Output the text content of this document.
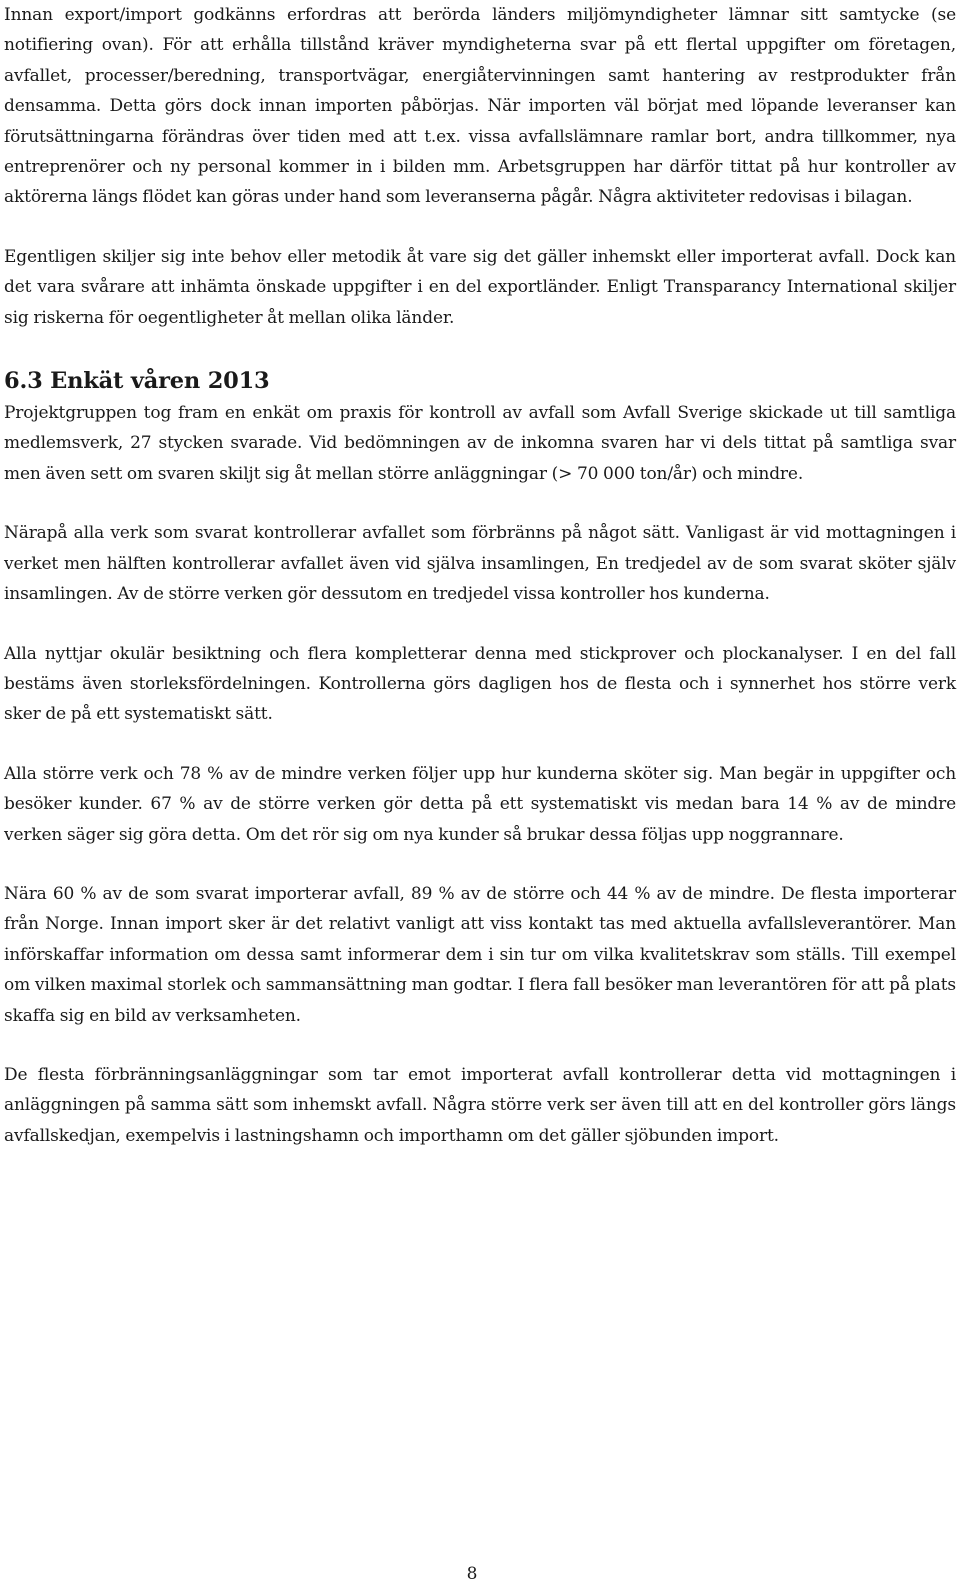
Innan export/import godkänns erfordras att berörda länders miljömyndigheter lämnar sitt samtycke (se notifiering ovan). För att erhålla tillstånd kräver myndigheterna svar på ett flertal uppgifter om företagen, avfallet, processer/beredning, transportvägar, energiåtervinningen samt hantering av restprodukter från densamma. Detta görs dock innan importen påbörjas. När importen väl börjat med löpande leveranser kan förutsättningarna förändras över tiden med att t.ex. vissa avfallslämnare ramlar bort, andra tillkommer, nya entreprenörer och ny personal kommer in i bilden mm. Arbetsgruppen har därför tittat på hur kontroller av aktörerna längs flödet kan göras under hand som leveranserna pågår. Några aktiviteter redovisas i bilagan.

Egentligen skiljer sig inte behov eller metodik åt vare sig det gäller inhemskt eller importerat avfall. Dock kan det vara svårare att inhämta önskade uppgifter i en del exportländer. Enligt Transparancy International skiljer sig riskerna för oegentligheter åt mellan olika länder.

6.3 Enkät våren 2013

Projektgruppen tog fram en enkät om praxis för kontroll av avfall som Avfall Sverige skickade ut till samtliga medlemsverk, 27 stycken svarade. Vid bedömningen av de inkomna svaren har vi dels tittat på samtliga svar men även sett om svaren skiljt sig åt mellan större anläggningar (> 70 000 ton/år) och mindre.

Närapå alla verk som svarat kontrollerar avfallet som förbränns på något sätt. Vanligast är vid mottagningen i verket men hälften kontrollerar avfallet även vid själva insamlingen, En tredjedel av de som svarat sköter själv insamlingen. Av de större verken gör dessutom en tredjedel vissa kontroller hos kunderna.

Alla nyttjar okulär besiktning och flera kompletterar denna med stickprover och plockanalyser. I en del fall bestäms även storleksfördelningen. Kontrollerna görs dagligen hos de flesta och i synnerhet hos större verk sker de på ett systematiskt sätt.

Alla större verk och 78 % av de mindre verken följer upp hur kunderna sköter sig. Man begär in uppgifter och besöker kunder. 67 % av de större verken gör detta på ett systematiskt vis medan bara 14 % av de mindre verken säger sig göra detta. Om det rör sig om nya kunder så brukar dessa följas upp noggrannare.

Nära 60 % av de som svarat importerar avfall, 89 % av de större och 44 % av de mindre. De flesta importerar från Norge. Innan import sker är det relativt vanligt att viss kontakt tas med aktuella avfallsleverantörer. Man införskaffar information om dessa samt informerar dem i sin tur om vilka kvalitetskrav som ställs. Till exempel om vilken maximal storlek och sammansättning man godtar. I flera fall besöker man leverantören för att på plats skaffa sig en bild av verksamheten.

De flesta förbränningsanläggningar som tar emot importerat avfall kontrollerar detta vid mottagningen i anläggningen på samma sätt som inhemskt avfall. Några större verk ser även till att en del kontroller görs längs avfallskedjan, exempelvis i lastningshamn och importhamn om det gäller sjöbunden import.

8
